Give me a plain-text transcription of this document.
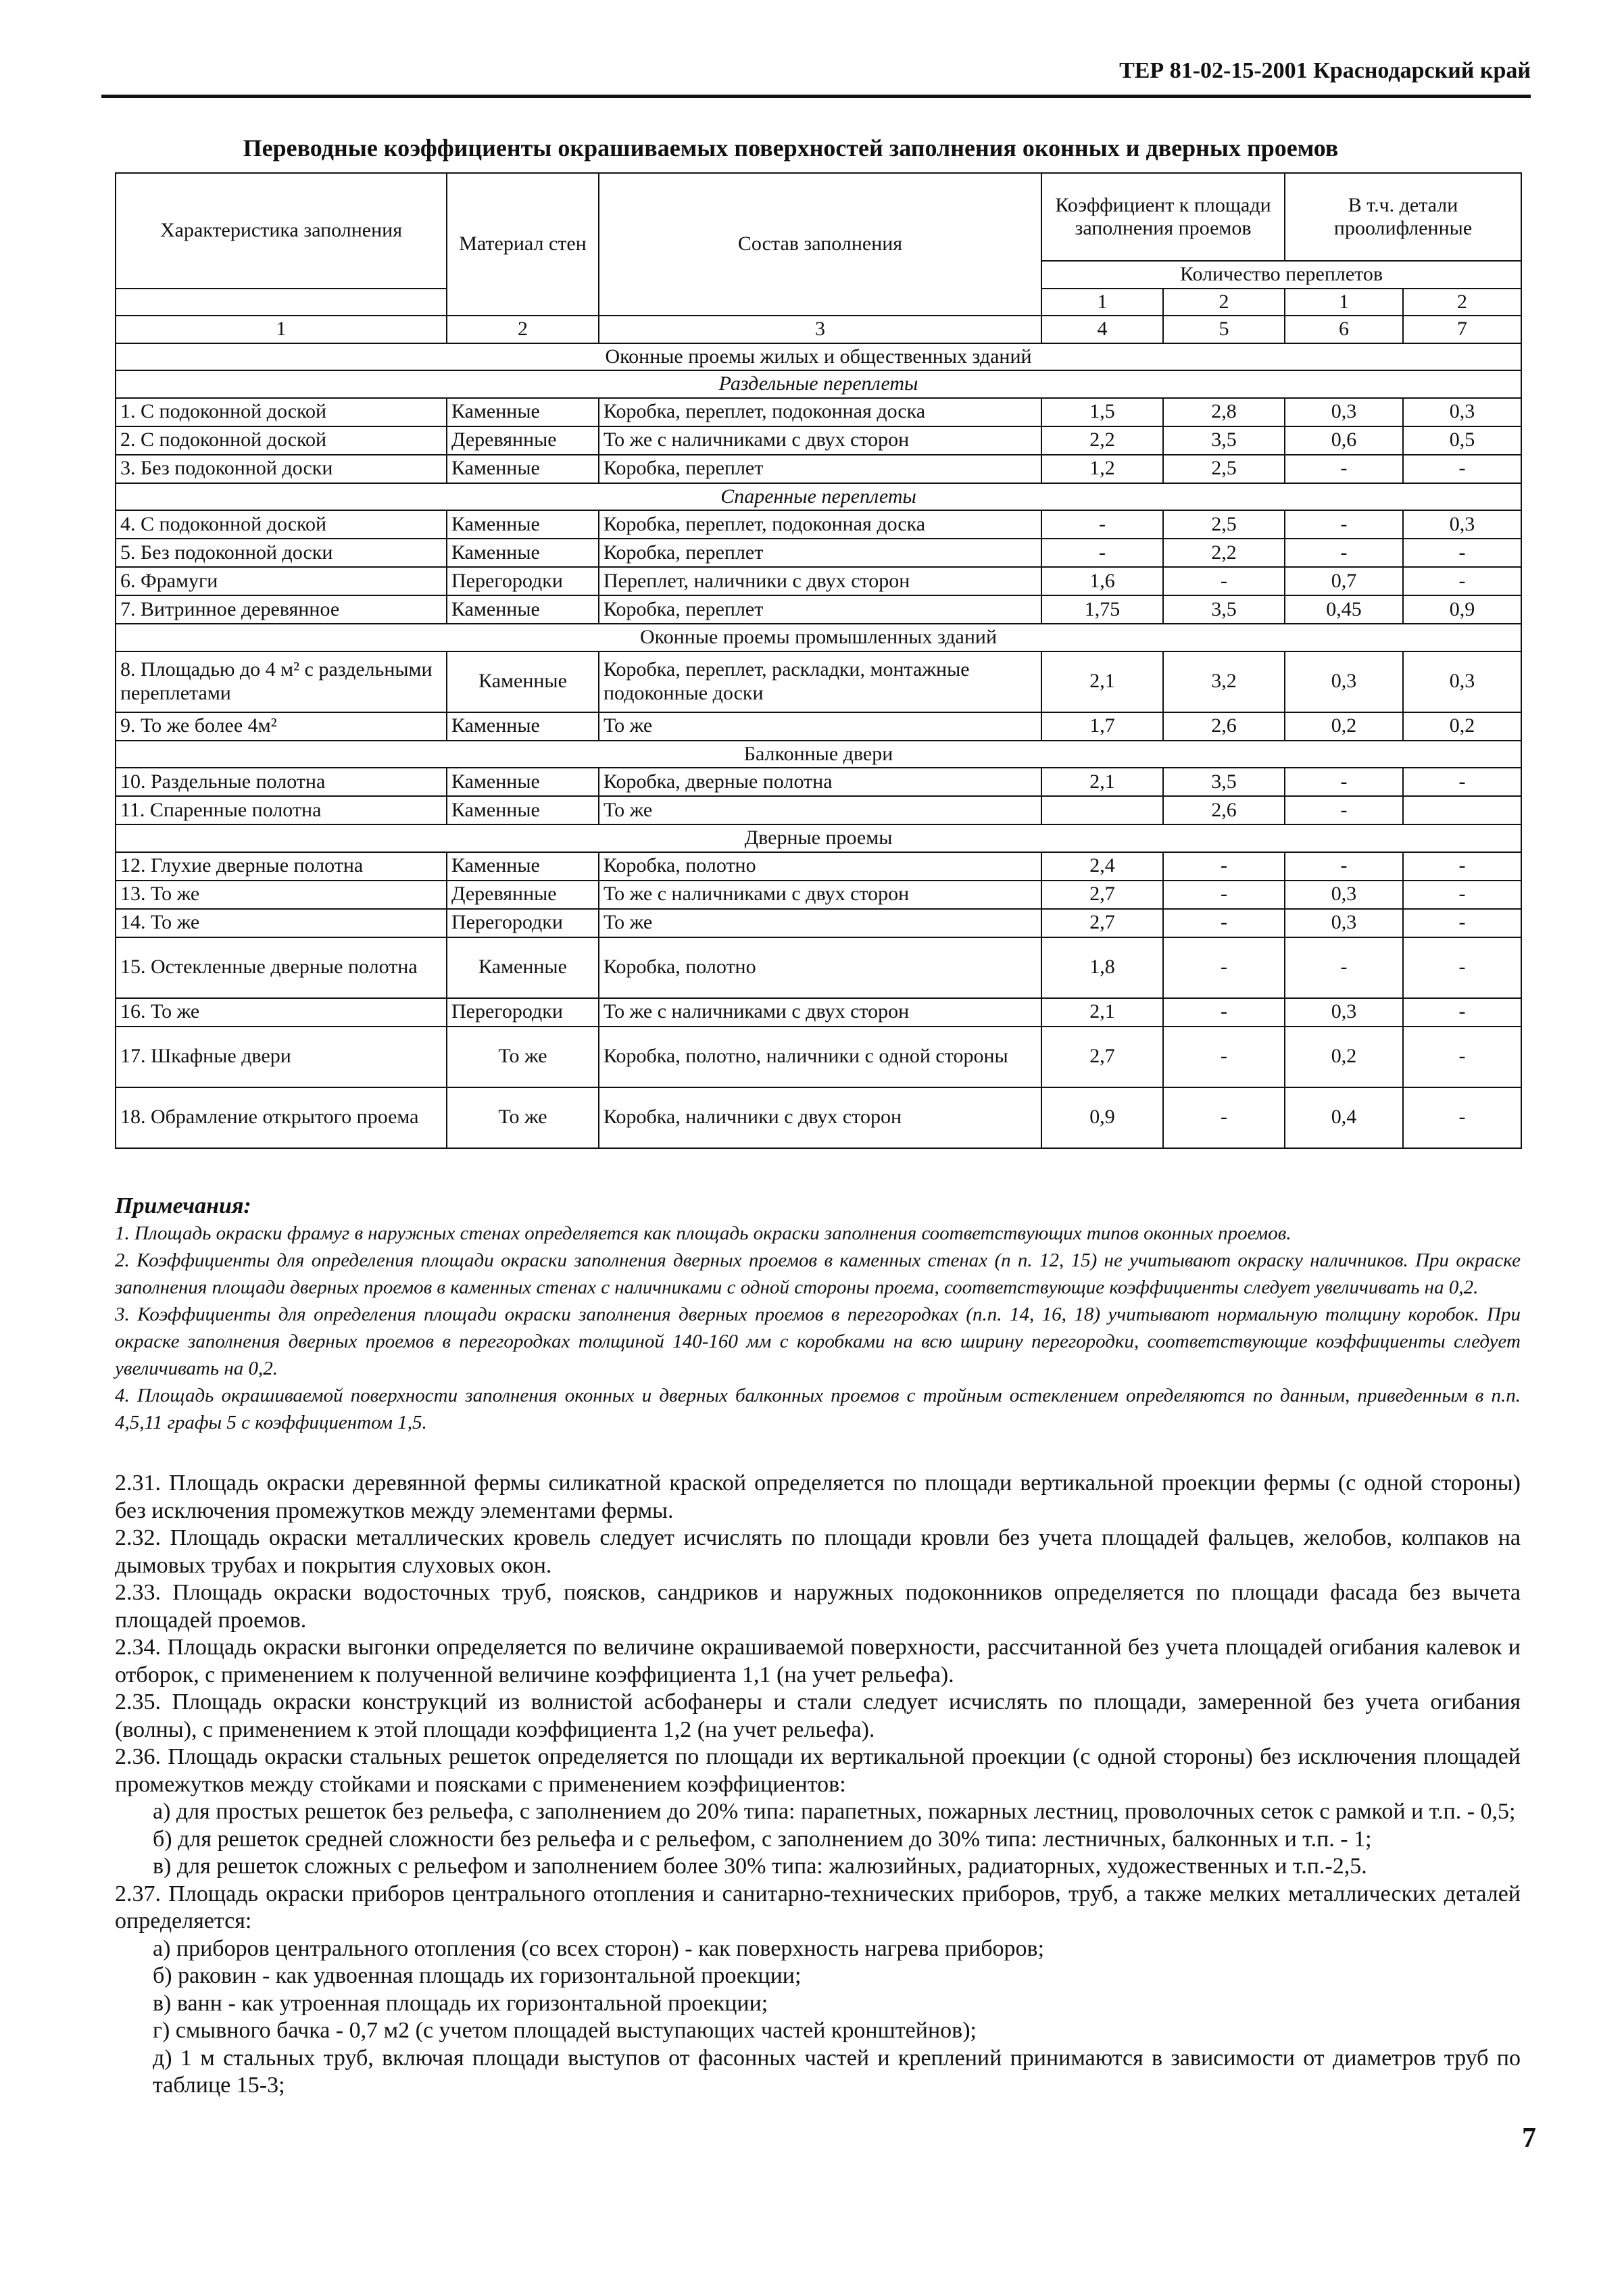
ТЕР 81-02-15-2001 Краснодарский край
Переводные коэффициенты окрашиваемых поверхностей заполнения оконных и дверных проемов
Характеристика заполнения	Материал стен	Состав заполнения	Коэффициент к площади заполнения проемов		В т.ч. детали проолифленные	
			Количество переплетов			
			1	2	1	2
1	2	3	4	5	6	7
Оконные проемы жилых и общественных зданий						
Раздельные переплеты						
1. С подоконной доской	Каменные	Коробка, переплет, подоконная доска	1,5	2,8	0,3	0,3
2. С подоконной доской	Деревянные	То же с наличниками с двух сторон	2,2	3,5	0,6	0,5
3. Без подоконной доски	Каменные	Коробка, переплет	1,2	2,5	-	-
Спаренные переплеты						
4. С подоконной доской	Каменные	Коробка, переплет, подоконная доска	-	2,5	-	0,3
5. Без подоконной доски	Каменные	Коробка, переплет	-	2,2	-	-
6. Фрамуги	Перегородки	Переплет, наличники с двух сторон	1,6	-	0,7	-
7. Витринное деревянное	Каменные	Коробка, переплет	1,75	3,5	0,45	0,9
Оконные проемы промышленных зданий						
8. Площадью до 4 м² с раздельными переплетами	Каменные	Коробка, переплет, раскладки, монтажные подоконные доски	2,1	3,2	0,3	0,3
9. То же более 4м²	Каменные	То же	1,7	2,6	0,2	0,2
Балконные двери						
10. Раздельные полотна	Каменные	Коробка, дверные полотна	2,1	3,5	-	-
11. Спаренные полотна	Каменные	То же		2,6	-	
Дверные проемы						
12. Глухие дверные полотна	Каменные	Коробка, полотно	2,4	-	-	-
13. То же	Деревянные	То же с наличниками с двух сторон	2,7	-	0,3	-
14. То же	Перегородки	То же	2,7	-	0,3	-
15. Остекленные дверные полотна	Каменные	Коробка, полотно	1,8	-	-	-
16. То же	Перегородки	То же с наличниками с двух сторон	2,1	-	0,3	-
17. Шкафные двери	То же	Коробка, полотно, наличники с одной стороны	2,7	-	0,2	-
18. Обрамление открытого проема	То же	Коробка, наличники с двух сторон	0,9	-	0,4	-
Примечания:

1. Площадь окраски фрамуг в наружных стенах определяется как площадь окраски заполнения соответствующих типов оконных проемов.

2. Коэффициенты для определения площади окраски заполнения дверных проемов в каменных стенах (п п. 12, 15) не учитывают окраску наличников. При окраске заполнения площади дверных проемов в каменных стенах с наличниками с одной стороны проема, соответствующие коэффициенты следует увеличивать на 0,2.

3. Коэффициенты для определения площади окраски заполнения дверных проемов в перегородках (п.п. 14, 16, 18) учитывают нормальную толщину коробок. При окраске заполнения дверных проемов в перегородках толщиной 140-160 мм с коробками на всю ширину перегородки, соответствующие коэффициенты следует увеличивать на 0,2.

4. Площадь окрашиваемой поверхности заполнения оконных и дверных балконных проемов с тройным остеклением определяются по данным, приведенным в п.п. 4,5,11 графы 5 с коэффициентом 1,5.

2.31. Площадь окраски деревянной фермы силикатной краской определяется по площади вертикальной проекции фермы (с одной стороны) без исключения промежутков между элементами фермы.

2.32. Площадь окраски металлических кровель следует исчислять по площади кровли без учета площадей фальцев, желобов, колпаков на дымовых трубах и покрытия слуховых окон.

2.33. Площадь окраски водосточных труб, поясков, сандриков и наружных подоконников определяется по площади фасада без вычета площадей проемов.

2.34. Площадь окраски выгонки определяется по величине окрашиваемой поверхности, рассчитанной без учета площадей огибания калевок и отборок, с применением к полученной величине коэффициента 1,1 (на учет рельефа).

2.35. Площадь окраски конструкций из волнистой асбофанеры и стали следует исчислять по площади, замеренной без учета огибания (волны), с применением к этой площади коэффициента 1,2 (на учет рельефа).

2.36. Площадь окраски стальных решеток определяется по площади их вертикальной проекции (с одной стороны) без исключения площадей промежутков между стойками и поясками с применением коэффициентов:

а) для простых решеток без рельефа, с заполнением до 20% типа: парапетных, пожарных лестниц, проволочных сеток с рамкой и т.п. - 0,5;

б) для решеток средней сложности без рельефа и с рельефом, с заполнением до 30% типа: лестничных, балконных и т.п. - 1;

в) для решеток сложных с рельефом и заполнением более 30% типа: жалюзийных, радиаторных, художественных и т.п.-2,5.

2.37. Площадь окраски приборов центрального отопления и санитарно-технических приборов, труб, а также мелких металлических деталей определяется:

а) приборов центрального отопления (со всех сторон) - как поверхность нагрева приборов;

б) раковин - как удвоенная площадь их горизонтальной проекции;

в) ванн - как утроенная площадь их горизонтальной проекции;

г) смывного бачка - 0,7 м2 (с учетом площадей выступающих частей кронштейнов);

д) 1 м стальных труб, включая площади выступов от фасонных частей и креплений принимаются в зависимости от диаметров труб по таблице 15-3;

7
